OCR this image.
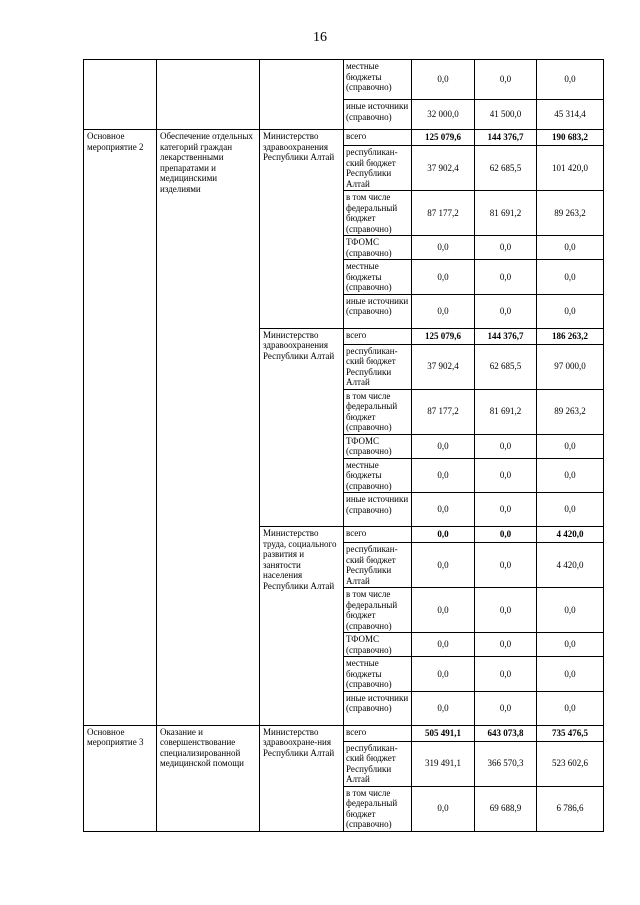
16
			местные бюджеты (справочно)	0,0	0,0	0,0
			иные источники (справочно)	32 000,0	41 500,0	45 314,4
Основное мероприятие 2	Обеспечение отдельных категорий граждан лекарственными препаратами и медицинскими изделиями	Министерство здравоохранения Республики Алтай	всего	125 079,6	144 376,7	190 683,2
			республикан-ский бюджет Республики Алтай	37 902,4	62 685,5	101 420,0
			в том числе федеральный бюджет (справочно)	87 177,2	81 691,2	89 263,2
			ТФОМС (справочно)	0,0	0,0	0,0
			местные бюджеты (справочно)	0,0	0,0	0,0
			иные источники (справочно)	0,0	0,0	0,0
		Министерство здравоохранения Республики Алтай	всего	125 079,6	144 376,7	186 263,2
			республикан-ский бюджет Республики Алтай	37 902,4	62 685,5	97 000,0
			в том числе федеральный бюджет (справочно)	87 177,2	81 691,2	89 263,2
			ТФОМС (справочно)	0,0	0,0	0,0
			местные бюджеты (справочно)	0,0	0,0	0,0
			иные источники (справочно)	0,0	0,0	0,0
		Министерство труда, социального развития и занятости населения Республики Алтай	всего	0,0	0,0	4 420,0
			республикан-ский бюджет Республики Алтай	0,0	0,0	4 420,0
			в том числе федеральный бюджет (справочно)	0,0	0,0	0,0
			ТФОМС (справочно)	0,0	0,0	0,0
			местные бюджеты (справочно)	0,0	0,0	0,0
			иные источники (справочно)	0,0	0,0	0,0
Основное мероприятие 3	Оказание и совершенствование специализированной медицинской помощи	Министерство здравоохране-ния Республики Алтай	всего	505 491,1	643 073,8	735 476,5
			республикан-ский бюджет Республики Алтай	319 491,1	366 570,3	523 602,6
			в том числе федеральный бюджет (справочно)	0,0	69 688,9	6 786,6
